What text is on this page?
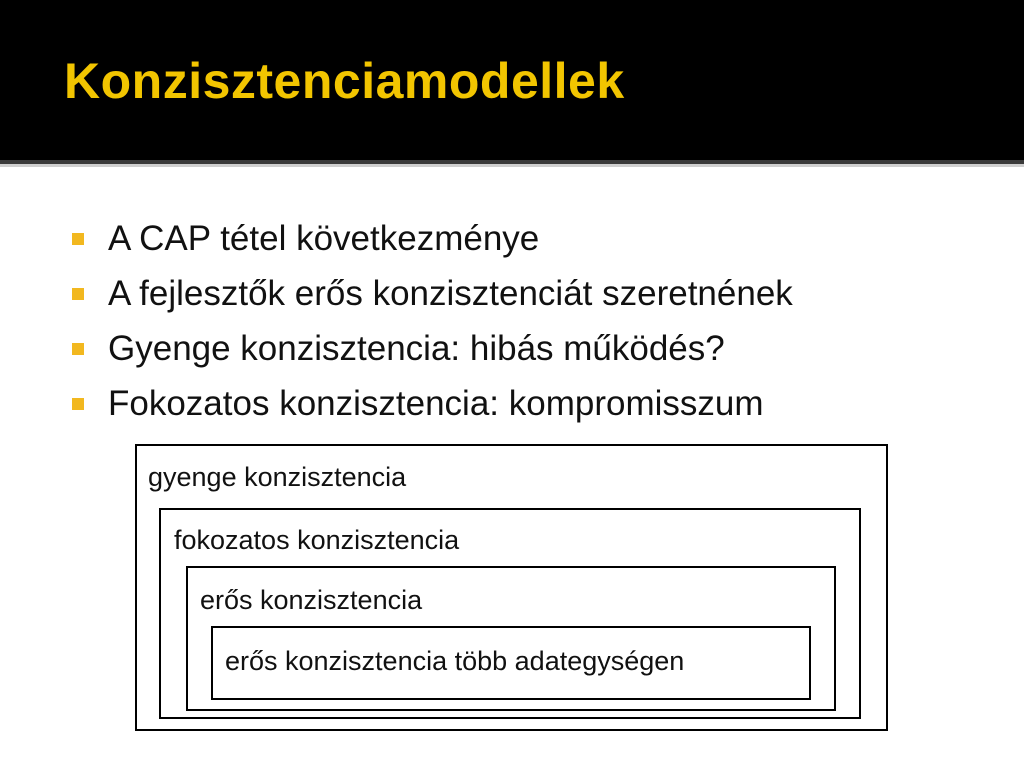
Konzisztenciamodellek
A CAP tétel következménye
A fejlesztők erős konzisztenciát szeretnének
Gyenge konzisztencia: hibás működés?
Fokozatos konzisztencia: kompromisszum
gyenge konzisztencia
fokozatos konzisztencia
erős konzisztencia
erős konzisztencia több adategységen
